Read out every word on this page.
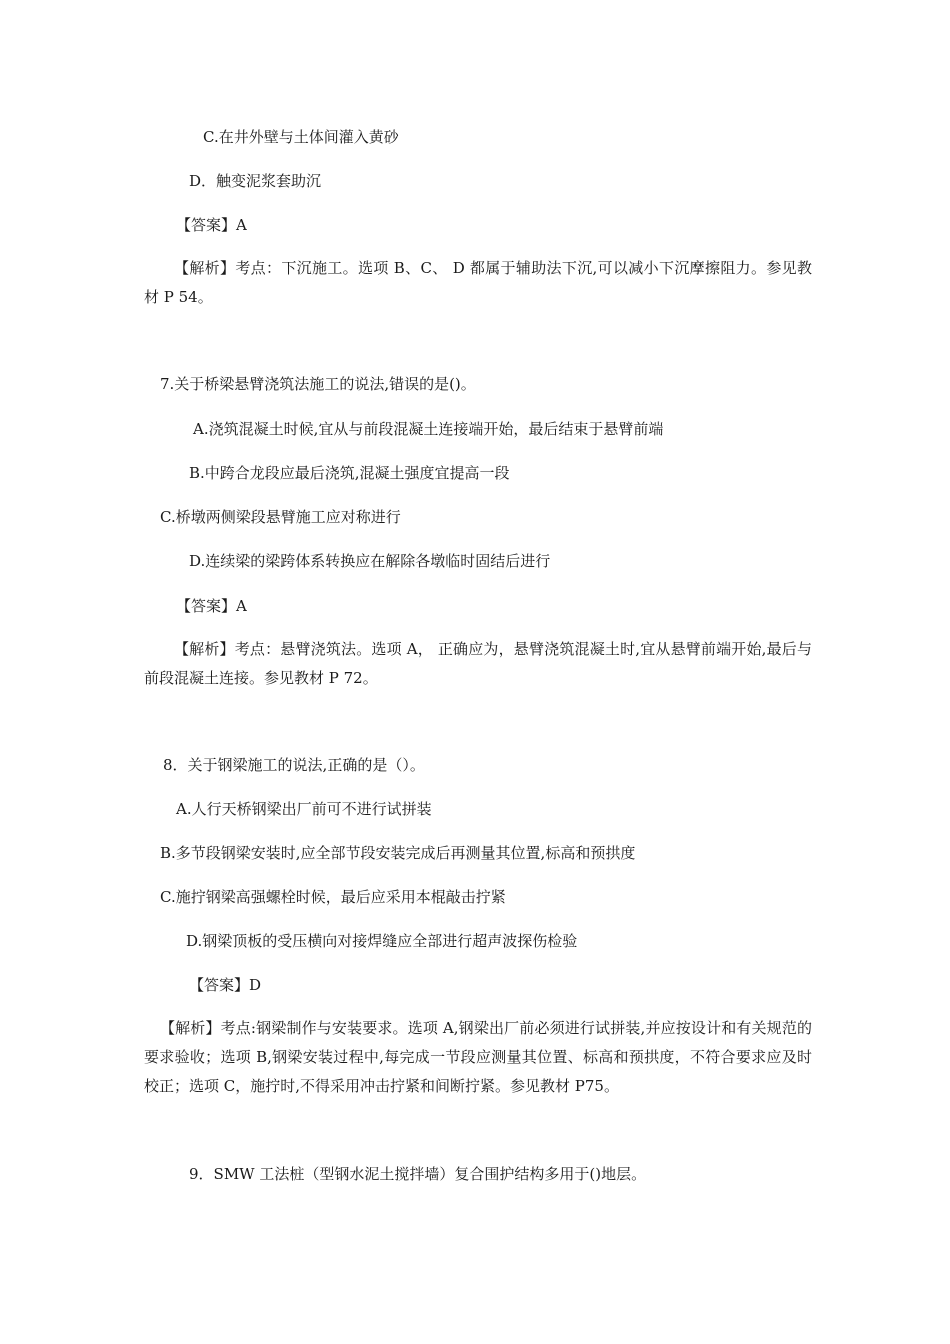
C.在井外壁与土体间灌入黄砂

D．触变泥浆套助沉

【答案】A

【解析】考点：下沉施工。选项 B、C、 D 都属于辅助法下沉,可以减小下沉摩擦阻力。参见教材 P 54。

7.关于桥梁悬臂浇筑法施工的说法,错误的是()。

A.浇筑混凝土时候,宜从与前段混凝土连接端开始，最后结束于悬臂前端

B.中跨合龙段应最后浇筑,混凝土强度宜提高一段

C.桥墩两侧梁段悬臂施工应对称进行

D.连续梁的梁跨体系转换应在解除各墩临时固结后进行

【答案】A

【解析】考点：悬臂浇筑法。选项 A， 正确应为，悬臂浇筑混凝土时,宜从悬臂前端开始,最后与前段混凝土连接。参见教材 P 72。

8．关于钢梁施工的说法,正确的是（）。

A.人行天桥钢梁出厂前可不进行试拼装

B.多节段钢梁安装时,应全部节段安装完成后再测量其位置,标高和预拱度

C.施拧钢梁高强螺栓时候，最后应采用本棍敲击拧紧

D.钢梁顶板的受压横向对接焊缝应全部进行超声波探伤检验

【答案】D

【解析】考点:钢梁制作与安装要求。选项 A,钢梁出厂前必须进行试拼装,并应按设计和有关规范的要求验收；选项 B,钢梁安装过程中,每完成一节段应测量其位置、标高和预拱度，不符合要求应及时校正；选项 C，施拧时,不得采用冲击拧紧和间断拧紧。参见教材 P75。

9．SMW 工法桩（型钢水泥土搅拌墙）复合围护结构多用于()地层。
